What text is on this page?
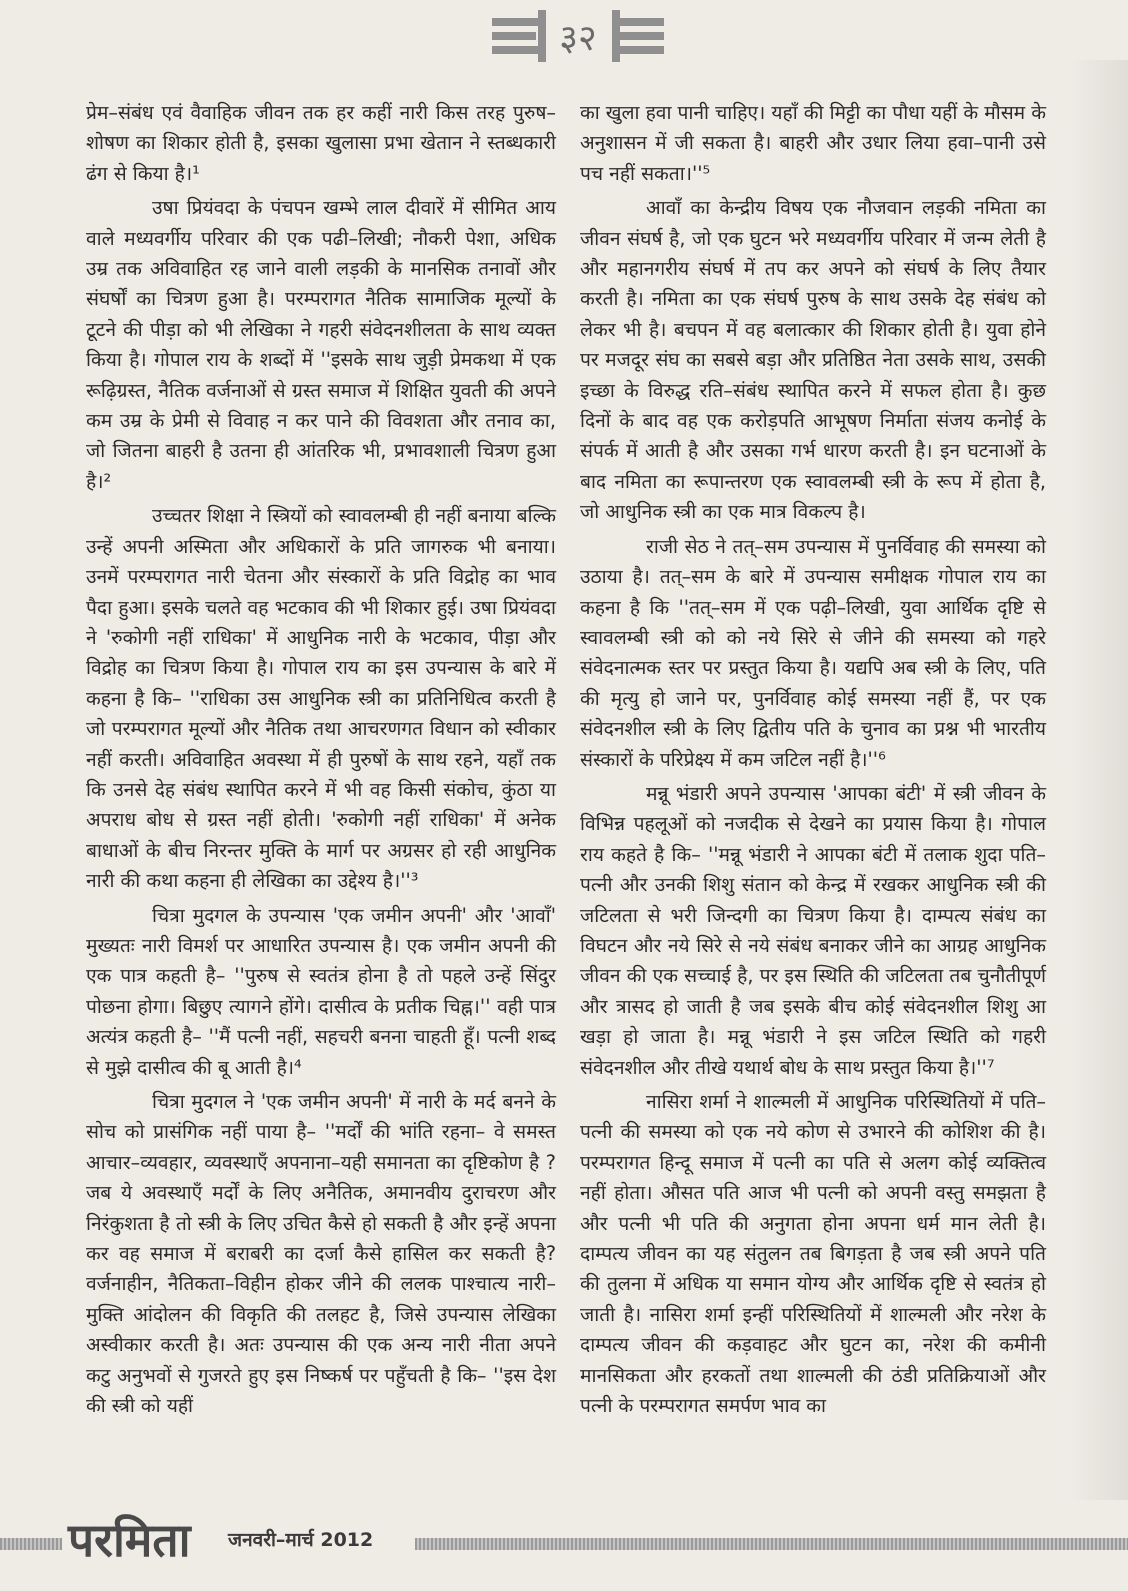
३२

प्रेम–संबंध एवं वैवाहिक जीवन तक हर कहीं नारी किस तरह पुरुष–शोषण का शिकार होती है, इसका खुलासा प्रभा खेतान ने स्तब्धकारी ढंग से किया है।¹

उषा प्रियंवदा के पंचपन खम्भे लाल दीवारें में सीमित आय वाले मध्यवर्गीय परिवार की एक पढी–लिखी; नौकरी पेशा, अधिक उम्र तक अविवाहित रह जाने वाली लड़की के मानसिक तनावों और संघर्षों का चित्रण हुआ है। परम्परागत नैतिक सामाजिक मूल्यों के टूटने की पीड़ा को भी लेखिका ने गहरी संवेदनशीलता के साथ व्यक्त किया है। गोपाल राय के शब्दों में ''इसके साथ जुड़ी प्रेमकथा में एक रूढ़िग्रस्त, नैतिक वर्जनाओं से ग्रस्त समाज में शिक्षित युवती की अपने कम उम्र के प्रेमी से विवाह न कर पाने की विवशता और तनाव का, जो जितना बाहरी है उतना ही आंतरिक भी, प्रभावशाली चित्रण हुआ है।²

उच्चतर शिक्षा ने स्त्रियों को स्वावलम्बी ही नहीं बनाया बल्कि उन्हें अपनी अस्मिता और अधिकारों के प्रति जागरुक भी बनाया। उनमें परम्परागत नारी चेतना और संस्कारों के प्रति विद्रोह का भाव पैदा हुआ। इसके चलते वह भटकाव की भी शिकार हुई। उषा प्रियंवदा ने 'रुकोगी नहीं राधिका' में आधुनिक नारी के भटकाव, पीड़ा और विद्रोह का चित्रण किया है। गोपाल राय का इस उपन्यास के बारे में कहना है कि– ''राधिका उस आधुनिक स्त्री का प्रतिनिधित्व करती है जो परम्परागत मूल्यों और नैतिक तथा आचरणगत विधान को स्वीकार नहीं करती। अविवाहित अवस्था में ही पुरुषों के साथ रहने, यहाँ तक कि उनसे देह संबंध स्थापित करने में भी वह किसी संकोच, कुंठा या अपराध बोध से ग्रस्त नहीं होती। 'रुकोगी नहीं राधिका' में अनेक बाधाओं के बीच निरन्तर मुक्ति के मार्ग पर अग्रसर हो रही आधुनिक नारी की कथा कहना ही लेखिका का उद्देश्य है।''³

चित्रा मुदगल के उपन्यास 'एक जमीन अपनी' और 'आवाँ' मुख्यतः नारी विमर्श पर आधारित उपन्यास है। एक जमीन अपनी की एक पात्र कहती है– ''पुरुष से स्वतंत्र होना है तो पहले उन्हें सिंदुर पोछना होगा। बिछुए त्यागने होंगे। दासीत्व के प्रतीक चिह्न।'' वही पात्र अत्यंत्र कहती है– ''मैं पत्नी नहीं, सहचरी बनना चाहती हूँ। पत्नी शब्द से मुझे दासीत्व की बू आती है।⁴

चित्रा मुदगल ने 'एक जमीन अपनी' में नारी के मर्द बनने के सोच को प्रासंगिक नहीं पाया है– ''मर्दों की भांति रहना– वे समस्त आचार–व्यवहार, व्यवस्थाएँ अपनाना–यही समानता का दृष्टिकोण है ?जब ये अवस्थाएँ मर्दों के लिए अनैतिक, अमानवीय दुराचरण और निरंकुशता है तो स्त्री के लिए उचित कैसे हो सकती है और इन्हें अपना कर वह समाज में बराबरी का दर्जा कैसे हासिल कर सकती है?वर्जनाहीन, नैतिकता–विहीन होकर जीने की ललक पाश्चात्य नारी–मुक्ति आंदोलन की विकृति की तलहट है, जिसे उपन्यास लेखिका अस्वीकार करती है। अतः उपन्यास की एक अन्य नारी नीता अपने कटु अनुभवों से गुजरते हुए इस निष्कर्ष पर पहुँचती है कि– ''इस देश की स्त्री को यहीं

का खुला हवा पानी चाहिए। यहाँ की मिट्टी का पौधा यहीं के मौसम के अनुशासन में जी सकता है। बाहरी और उधार लिया हवा–पानी उसे पच नहीं सकता।''⁵

आवाँ का केन्द्रीय विषय एक नौजवान लड़की नमिता का जीवन संघर्ष है, जो एक घुटन भरे मध्यवर्गीय परिवार में जन्म लेती है और महानगरीय संघर्ष में तप कर अपने को संघर्ष के लिए तैयार करती है। नमिता का एक संघर्ष पुरुष के साथ उसके देह संबंध को लेकर भी है। बचपन में वह बलात्कार की शिकार होती है। युवा होने पर मजदूर संघ का सबसे बड़ा और प्रतिष्ठित नेता उसके साथ, उसकी इच्छा के विरुद्ध रति–संबंध स्थापित करने में सफल होता है। कुछ दिनों के बाद वह एक करोड़पति आभूषण निर्माता संजय कनोई के संपर्क में आती है और उसका गर्भ धारण करती है। इन घटनाओं के बाद नमिता का रूपान्तरण एक स्वावलम्बी स्त्री के रूप में होता है, जो आधुनिक स्त्री का एक मात्र विकल्प है।

राजी सेठ ने तत्–सम उपन्यास में पुनर्विवाह की समस्या को उठाया है। तत्–सम के बारे में उपन्यास समीक्षक गोपाल राय का कहना है कि ''तत्–सम में एक पढ़ी–लिखी, युवा आर्थिक दृष्टि से स्वावलम्बी स्त्री को को नये सिरे से जीने की समस्या को गहरे संवेदनात्मक स्तर पर प्रस्तुत किया है। यद्यपि अब स्त्री के लिए, पति की मृत्यु हो जाने पर, पुनर्विवाह कोई समस्या नहीं हैं, पर एक संवेदनशील स्त्री के लिए द्वितीय पति के चुनाव का प्रश्न भी भारतीय संस्कारों के परिप्रेक्ष्य में कम जटिल नहीं है।''⁶

मन्नू भंडारी अपने उपन्यास 'आपका बंटी' में स्त्री जीवन के विभिन्न पहलूओं को नजदीक से देखने का प्रयास किया है। गोपाल राय कहते है कि– ''मन्नू भंडारी ने आपका बंटी में तलाक शुदा पति–पत्नी और उनकी शिशु संतान को केन्द्र में रखकर आधुनिक स्त्री की जटिलता से भरी जिन्दगी का चित्रण किया है। दाम्पत्य संबंध का विघटन और नये सिरे से नये संबंध बनाकर जीने का आग्रह आधुनिक जीवन की एक सच्चाई है, पर इस स्थिति की जटिलता तब चुनौतीपूर्ण और त्रासद हो जाती है जब इसके बीच कोई संवेदनशील शिशु आ खड़ा हो जाता है। मन्नू भंडारी ने इस जटिल स्थिति को गहरी संवेदनशील और तीखे यथार्थ बोध के साथ प्रस्तुत किया है।''⁷

नासिरा शर्मा ने शाल्मली में आधुनिक परिस्थितियों में पति–पत्नी की समस्या को एक नये कोण से उभारने की कोशिश की है। परम्परागत हिन्दू समाज में पत्नी का पति से अलग कोई व्यक्तित्व नहीं होता। औसत पति आज भी पत्नी को अपनी वस्तु समझता है और पत्नी भी पति की अनुगता होना अपना धर्म मान लेती है। दाम्पत्य जीवन का यह संतुलन तब बिगड़ता है जब स्त्री अपने पति की तुलना में अधिक या समान योग्य और आर्थिक दृष्टि से स्वतंत्र हो जाती है। नासिरा शर्मा इन्हीं परिस्थितियों में शाल्मली और नरेश के दाम्पत्य जीवन की कड़वाहट और घुटन का, नरेश की कमीनी मानसिकता और हरकतों तथा शाल्मली की ठंडी प्रतिक्रियाओं और पत्नी के परम्परागत समर्पण भाव का

परमिता जनवरी–मार्च 2012
